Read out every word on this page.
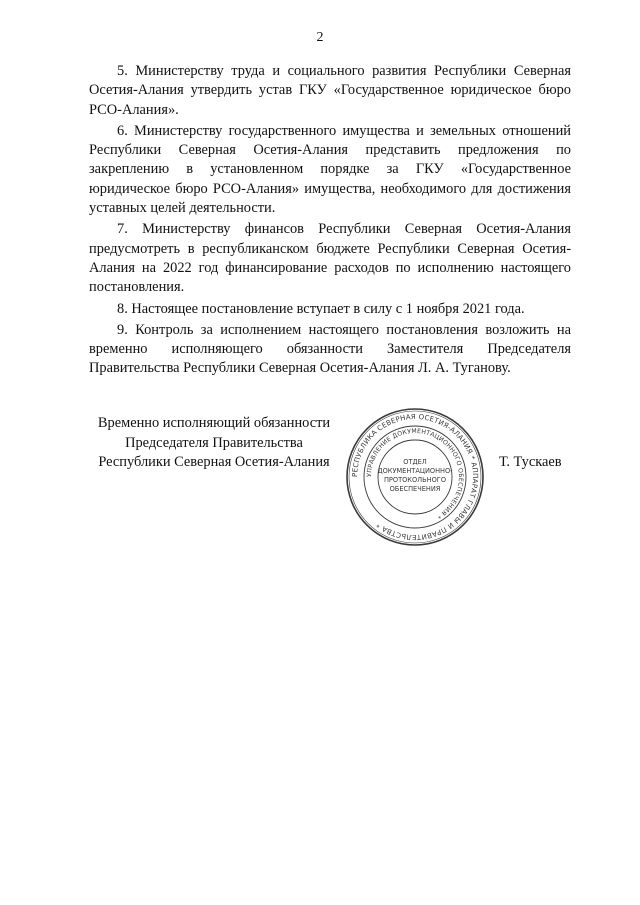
2

5. Министерству труда и социального развития Республики Северная Осетия-Алания утвердить устав ГКУ «Государственное юридическое бюро РСО-Алания».

6. Министерству государственного имущества и земельных отношений Республики Северная Осетия-Алания представить предложения по закреплению в установленном порядке за ГКУ «Государственное юридическое бюро РСО-Алания» имущества, необходимого для достижения уставных целей деятельности.

7. Министерству финансов Республики Северная Осетия-Алания предусмотреть в республиканском бюджете Республики Северная Осетия-Алания на 2022 год финансирование расходов по исполнению настоящего постановления.

8. Настоящее постановление вступает в силу с 1 ноября 2021 года.

9. Контроль за исполнением настоящего постановления возложить на временно исполняющего обязанности Заместителя Председателя Правительства Республики Северная Осетия-Алания Л. А. Туганову.

Временно исполняющий обязанности
Председателя Правительства
Республики Северная Осетия-Алания
РЕСПУБЛИКА СЕВЕРНАЯ ОСЕТИЯ-АЛАНИЯ * АППАРАТ ГЛАВЫ И ПРАВИТЕЛЬСТВА *
УПРАВЛЕНИЕ ДОКУМЕНТАЦИОННОГО ОБЕСПЕЧЕНИЯ *
ОТДЕЛ
ДОКУМЕНТАЦИОННО-
ПРОТОКОЛЬНОГО
ОБЕСПЕЧЕНИЯ
Т. Тускаев
